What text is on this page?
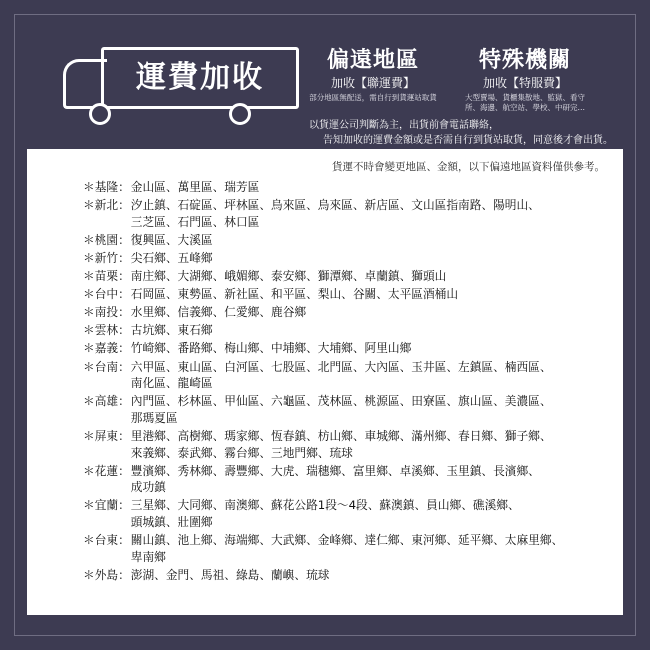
運費加收	偏遠地區
加收【聯運費】
部分地區無配送，需自行到貨運站取貨
特殊機關
加收【特服費】
大型賣場、貨櫃集散地、監獄、看守所、海邊、航空站、學校、中研完…
以貨運公司判斷為主，出貨前會電話聯絡，
告知加收的運費金額或是否需自行到貨站取貨，同意後才會出貨。
貨運不時會變更地區、金額，以下偏遠地區資料僅供參考。
＊基隆： 金山區、萬里區、瑞芳區
＊新北： 汐止鎮、石碇區、坪林區、烏來區、烏來區、新店區、文山區指南路、陽明山、
三芝區、石門區、林口區
＊桃園： 復興區、大溪區
＊新竹： 尖石鄉、五峰鄉
＊苗栗： 南庄鄉、大湖鄉、峨媚鄉、泰安鄉、獅潭鄉、卓蘭鎮、獅頭山
＊台中： 石岡區、東勢區、新社區、和平區、梨山、谷關、太平區酒桶山
＊南投： 水里鄉、信義鄉、仁愛鄉、鹿谷鄉
＊雲林： 古坑鄉、東石鄉
＊嘉義： 竹崎鄉、番路鄉、梅山鄉、中埔鄉、大埔鄉、阿里山鄉
＊台南： 六甲區、東山區、白河區、七股區、北門區、大內區、玉井區、左鎮區、楠西區、
南化區、龍崎區
＊高雄： 內門區、杉林區、甲仙區、六龜區、茂林區、桃源區、田寮區、旗山區、美濃區、
那瑪夏區
＊屏東： 里港鄉、高樹鄉、瑪家鄉、恆春鎮、枋山鄉、車城鄉、滿州鄉、春日鄉、獅子鄉、
來義鄉、泰武鄉、霧台鄉、三地門鄉、琉球
＊花蓮： 豐濱鄉、秀林鄉、壽豐鄉、大虎、瑞穗鄉、富里鄉、卓溪鄉、玉里鎮、長濱鄉、
成功鎮
＊宜蘭： 三星鄉、大同鄉、南澳鄉、蘇花公路1段～4段、蘇澳鎮、員山鄉、礁溪鄉、
頭城鎮、壯圍鄉
＊台東： 關山鎮、池上鄉、海端鄉、大武鄉、金峰鄉、達仁鄉、東河鄉、延平鄉、太麻里鄉、
卑南鄉
＊外島： 澎湖、金門、馬祖、綠島、蘭嶼、琉球
